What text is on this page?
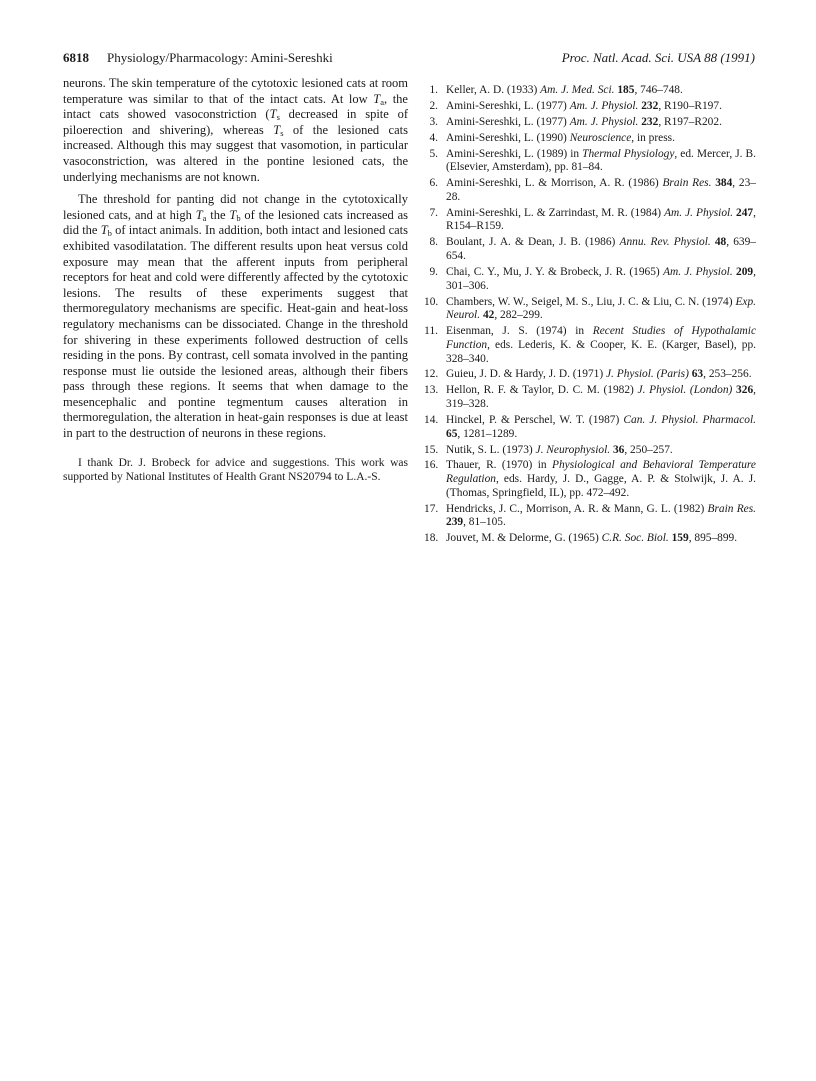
6818 Physiology/Pharmacology: Amini-Sereshki	Proc. Natl. Acad. Sci. USA 88 (1991)

neurons. The skin temperature of the cytotoxic lesioned cats at room temperature was similar to that of the intact cats. At low $T_a$, the intact cats showed vasoconstriction ($T_s$ decreased in spite of piloerection and shivering), whereas $T_s$ of the lesioned cats increased. Although this may suggest that vasomotion, in particular vasoconstriction, was altered in the pontine lesioned cats, the underlying mechanisms are not known.

The threshold for panting did not change in the cytotoxically lesioned cats, and at high $T_a$ the $T_b$ of the lesioned cats increased as did the $T_b$ of intact animals. In addition, both intact and lesioned cats exhibited vasodilatation. The different results upon heat versus cold exposure may mean that the afferent inputs from peripheral receptors for heat and cold were differently affected by the cytotoxic lesions. The results of these experiments suggest that thermoregulatory mechanisms are specific. Heat-gain and heat-loss regulatory mechanisms can be dissociated. Change in the threshold for shivering in these experiments followed destruction of cells residing in the pons. By contrast, cell somata involved in the panting response must lie outside the lesioned areas, although their fibers pass through these regions. It seems that when damage to the mesencephalic and pontine tegmentum causes alteration in thermoregulation, the alteration in heat-gain responses is due at least in part to the destruction of neurons in these regions.

I thank Dr. J. Brobeck for advice and suggestions. This work was supported by National Institutes of Health Grant NS20794 to L.A.-S.

1. Keller, A. D. (1933) Am. J. Med. Sci. 185, 746–748.
2. Amini-Sereshki, L. (1977) Am. J. Physiol. 232, R190–R197.
3. Amini-Sereshki, L. (1977) Am. J. Physiol. 232, R197–R202.
4. Amini-Sereshki, L. (1990) Neuroscience, in press.
5. Amini-Sereshki, L. (1989) in Thermal Physiology, ed. Mercer, J. B. (Elsevier, Amsterdam), pp. 81–84.
6. Amini-Sereshki, L. & Morrison, A. R. (1986) Brain Res. 384, 23–28.
7. Amini-Sereshki, L. & Zarrindast, M. R. (1984) Am. J. Physiol. 247, R154–R159.
8. Boulant, J. A. & Dean, J. B. (1986) Annu. Rev. Physiol. 48, 639–654.
9. Chai, C. Y., Mu, J. Y. & Brobeck, J. R. (1965) Am. J. Physiol. 209, 301–306.
10. Chambers, W. W., Seigel, M. S., Liu, J. C. & Liu, C. N. (1974) Exp. Neurol. 42, 282–299.
11. Eisenman, J. S. (1974) in Recent Studies of Hypothalamic Function, eds. Lederis, K. & Cooper, K. E. (Karger, Basel), pp. 328–340.
12. Guieu, J. D. & Hardy, J. D. (1971) J. Physiol. (Paris) 63, 253–256.
13. Hellon, R. F. & Taylor, D. C. M. (1982) J. Physiol. (London) 326, 319–328.
14. Hinckel, P. & Perschel, W. T. (1987) Can. J. Physiol. Pharmacol. 65, 1281–1289.
15. Nutik, S. L. (1973) J. Neurophysiol. 36, 250–257.
16. Thauer, R. (1970) in Physiological and Behavioral Temperature Regulation, eds. Hardy, J. D., Gagge, A. P. & Stolwijk, J. A. J. (Thomas, Springfield, IL), pp. 472–492.
17. Hendricks, J. C., Morrison, A. R. & Mann, G. L. (1982) Brain Res. 239, 81–105.
18. Jouvet, M. & Delorme, G. (1965) C.R. Soc. Biol. 159, 895–899.
